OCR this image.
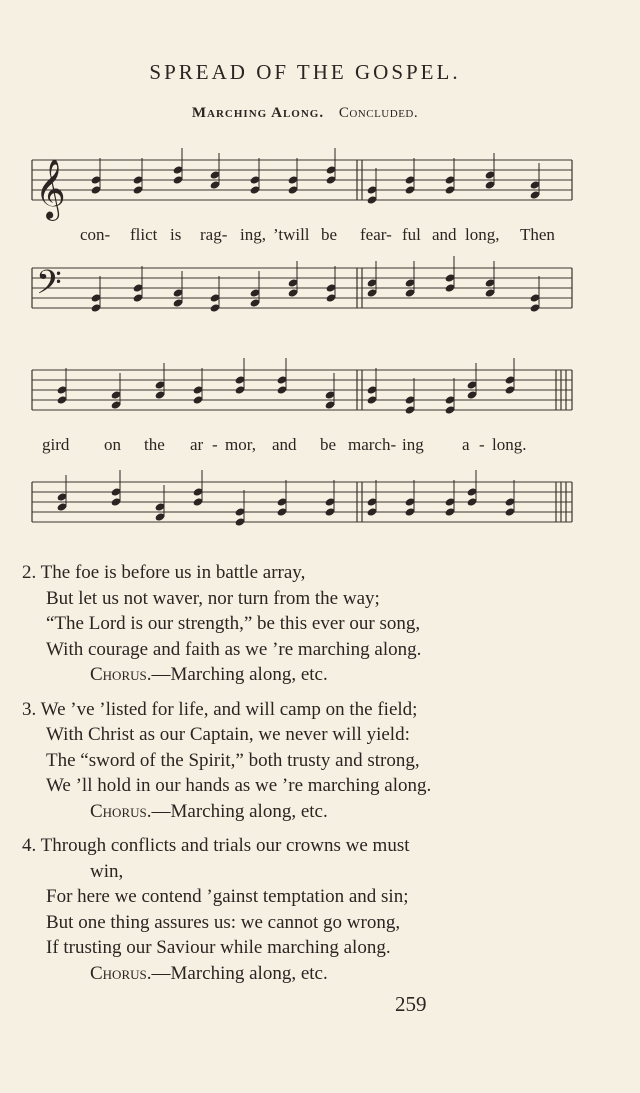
SPREAD OF THE GOSPEL.
Marching Along. Concluded.
𝄞
con- flict is rag- ing, ’twill be fear- ful and long, Then
𝄢
gird on the ar - mor, and be march- ing a - long.
2. The foe is before us in battle array,
But let us not waver, nor turn from the way;
“The Lord is our strength,” be this ever our song,
With courage and faith as we ’re marching along.
Chorus.—Marching along, etc.
3. We ’ve ’listed for life, and will camp on the field;
With Christ as our Captain, we never will yield:
The “sword of the Spirit,” both trusty and strong,
We ’ll hold in our hands as we ’re marching along.
Chorus.—Marching along, etc.
4. Through conflicts and trials our crowns we must
win,
For here we contend ’gainst temptation and sin;
But one thing assures us: we cannot go wrong,
If trusting our Saviour while marching along.
Chorus.—Marching along, etc.
259
